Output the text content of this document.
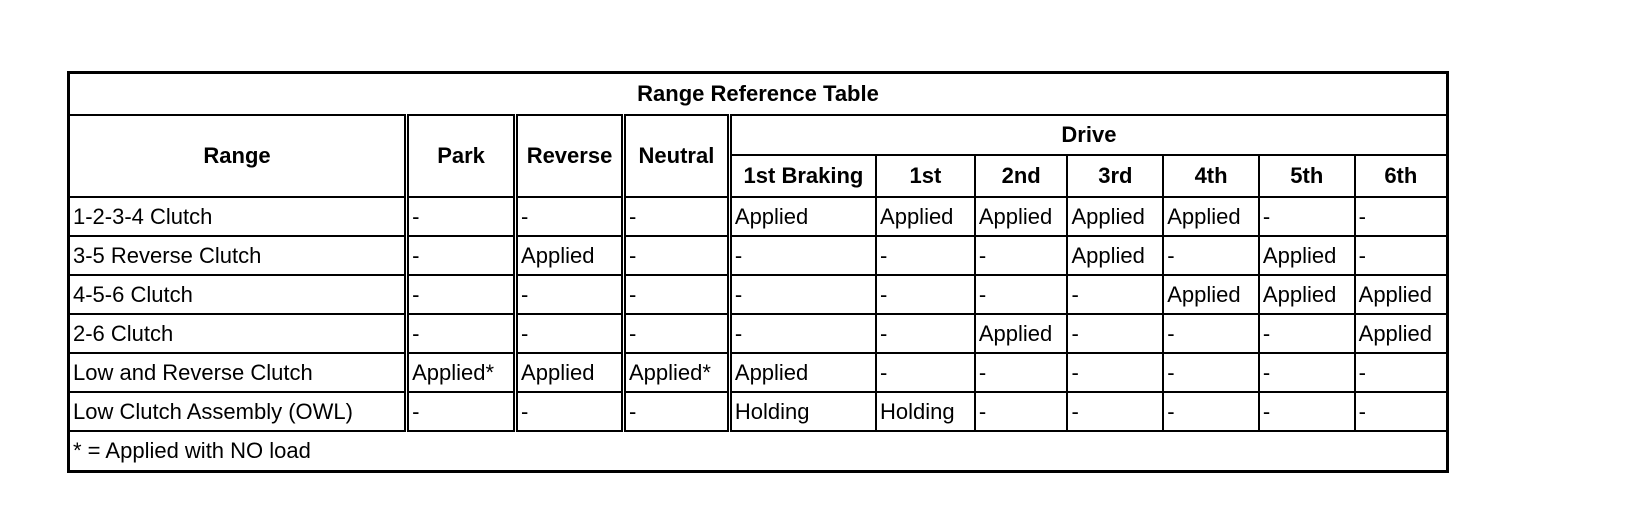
Range Reference Table										
Range	Park	Reverse	Neutral	Drive						
				1st Braking	1st	2nd	3rd	4th	5th	6th
1-2-3-4 Clutch	-	-	-	Applied	Applied	Applied	Applied	Applied	-	-
3-5 Reverse Clutch	-	Applied	-	-	-	-	Applied	-	Applied	-
4-5-6 Clutch	-	-	-	-	-	-	-	Applied	Applied	Applied
2-6 Clutch	-	-	-	-	-	Applied	-	-	-	Applied
Low and Reverse Clutch	Applied*	Applied	Applied*	Applied	-	-	-	-	-	-
Low Clutch Assembly (OWL)	-	-	-	Holding	Holding	-	-	-	-	-
* = Applied with NO load										
